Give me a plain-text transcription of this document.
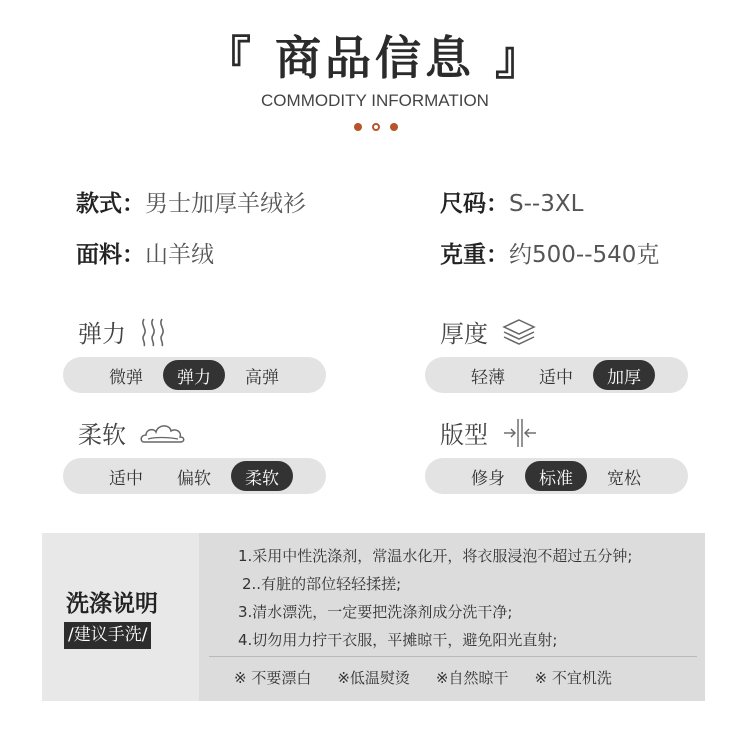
『 商品信息 』
COMMODITY INFORMATION
款式：男士加厚羊绒衫	尺码：S--3XL
面料：山羊绒	克重：约500--540克
弹力
微弹	弹力	高弹
厚度
轻薄	适中	加厚
柔软
适中	偏软	柔软
版型
修身	标准	宽松
洗涤说明
/建议手洗/
1.采用中性洗涤剂，常温水化开，将衣服浸泡不超过五分钟;
2..有脏的部位轻轻揉搓;
3.清水漂洗，一定要把洗涤剂成分洗干净;
4.切勿用力拧干衣服，平摊晾干，避免阳光直射;
※ 不要漂白 ※低温熨烫 ※自然晾干 ※ 不宜机洗
